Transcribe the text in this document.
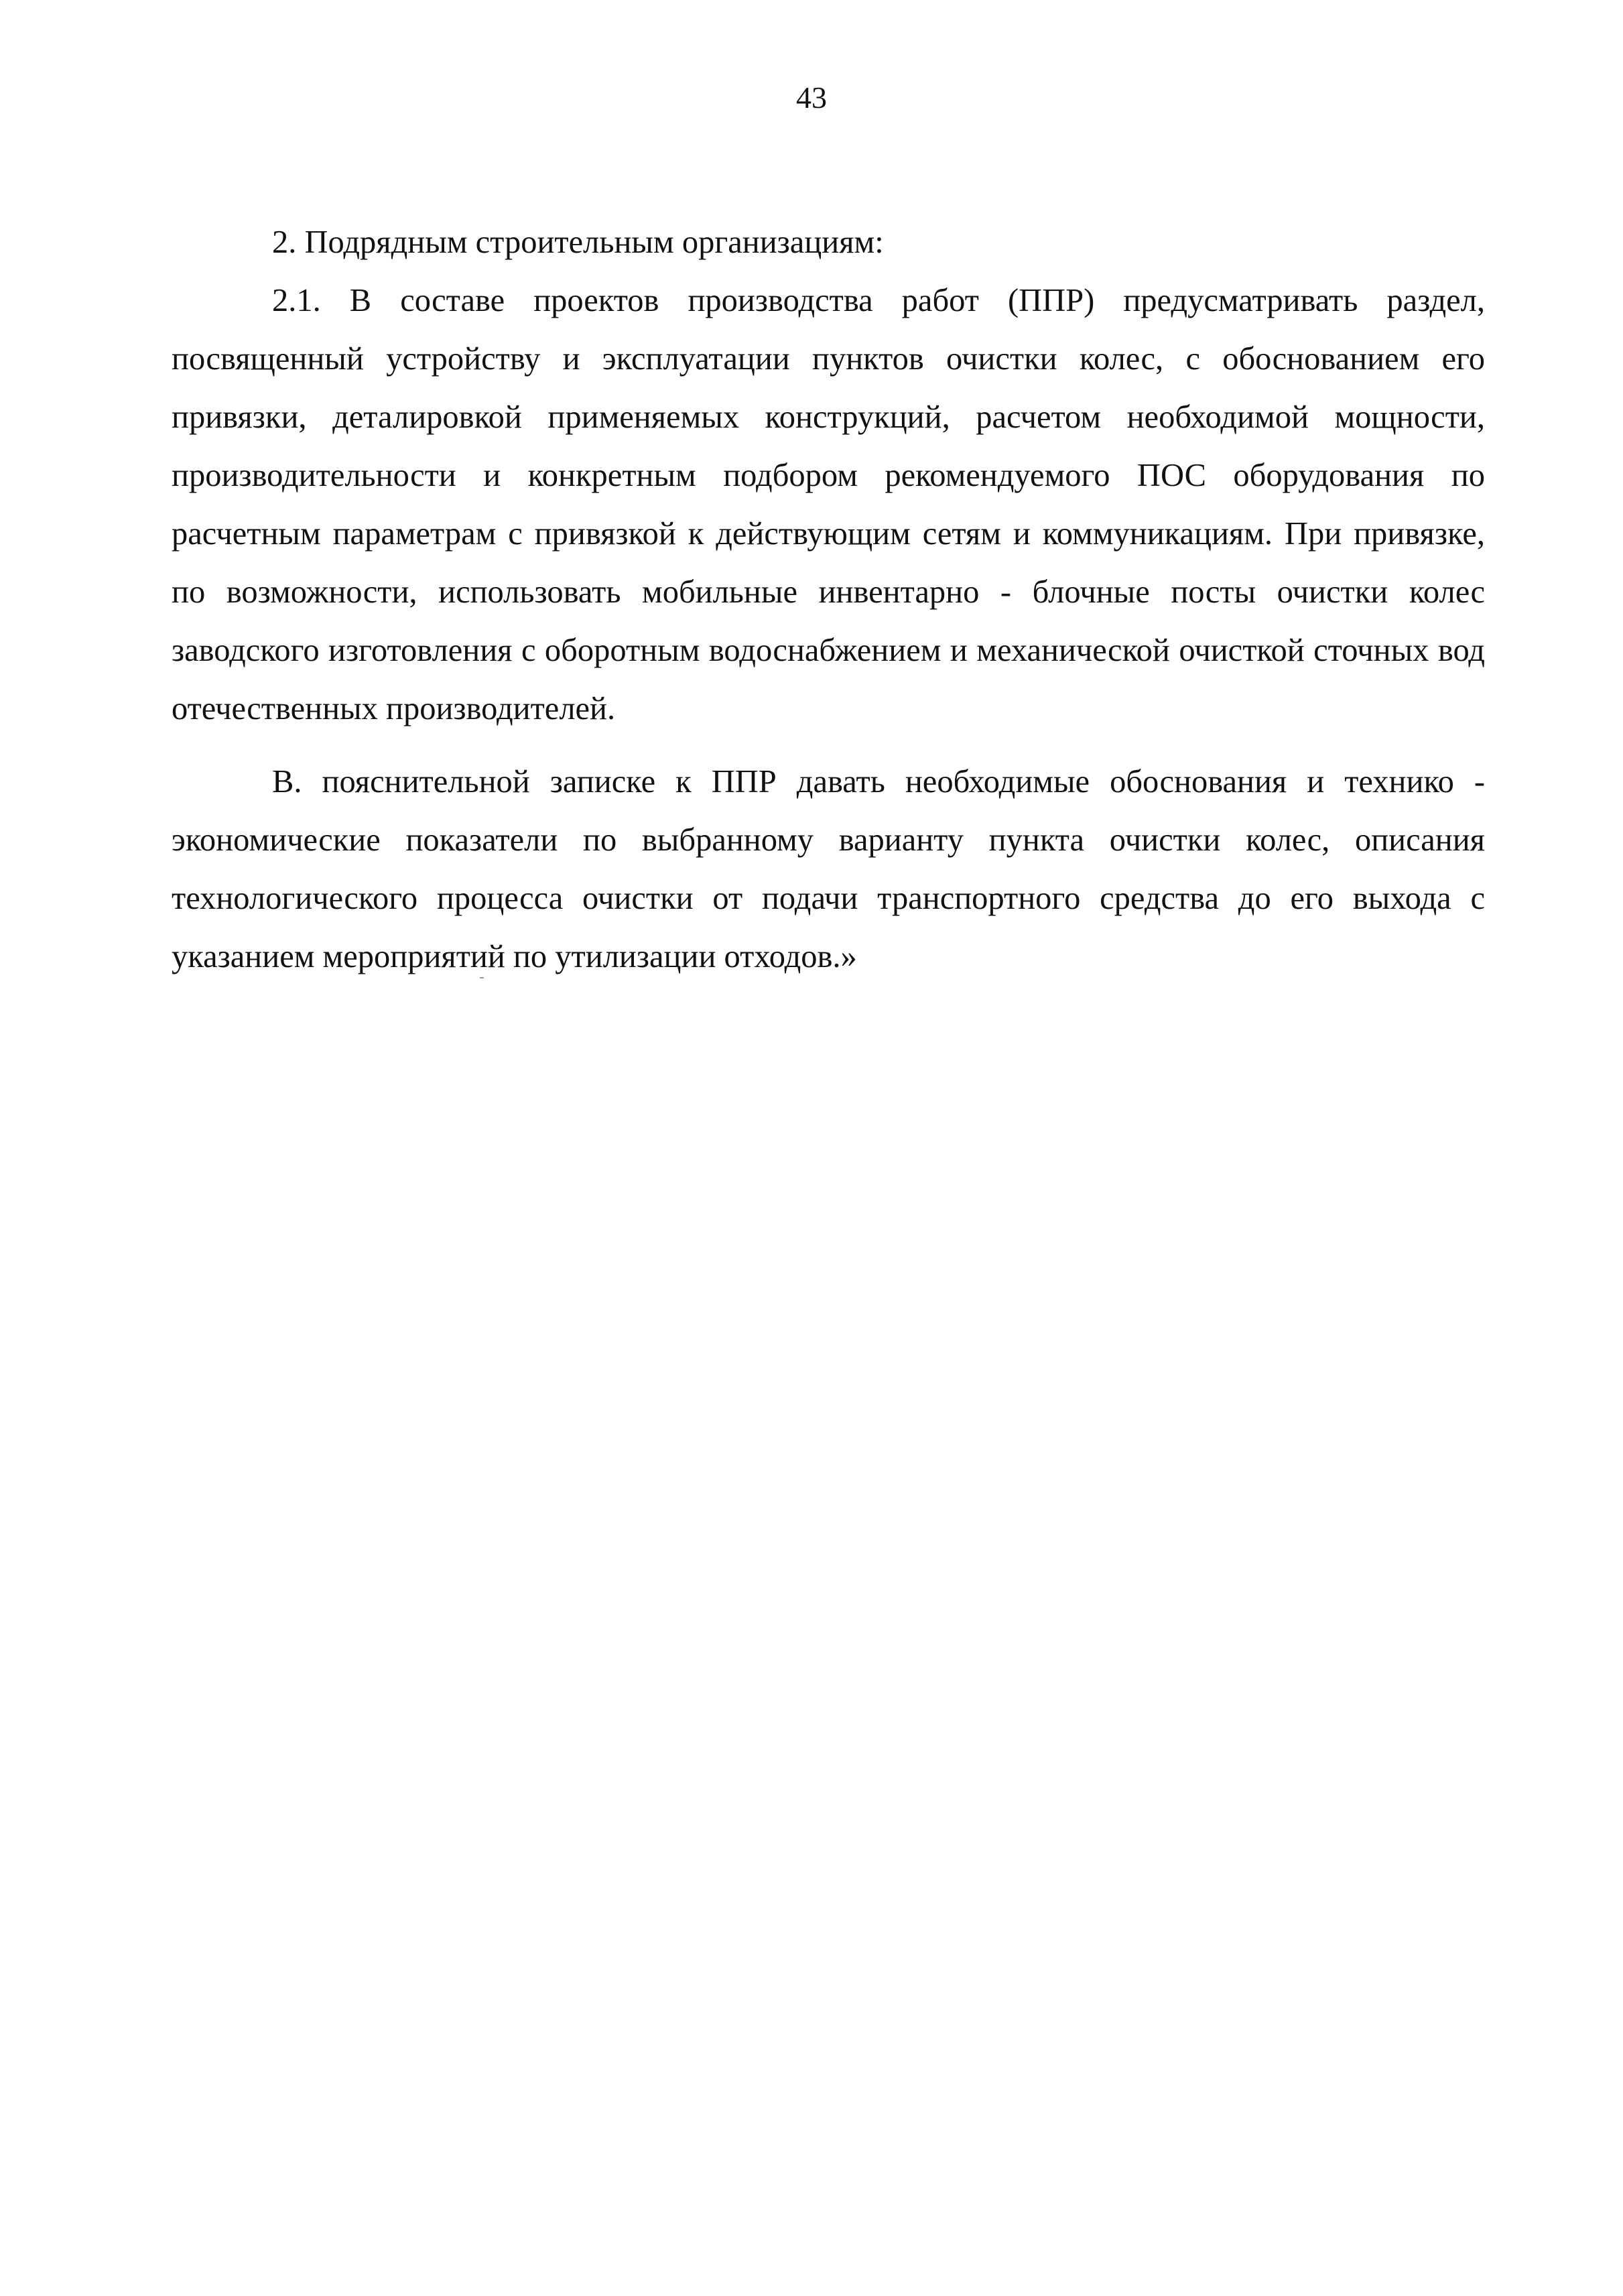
43

2. Подрядным строительным организациям:

2.1. В составе проектов производства работ (ППР) предусматривать раздел, посвященный устройству и эксплуатации пунктов очистки колес, с обоснованием его привязки, деталировкой применяемых конструкций, расчетом необходимой мощности, производительности и конкретным подбором рекомендуемого ПОС оборудования по расчетным параметрам с привязкой к действующим сетям и коммуникациям. При привязке, по возможности, использовать мобильные инвентарно - блочные посты очистки колес заводского изготовления с оборотным водоснабжением и механической очисткой сточных вод отечественных производителей.

В. пояснительной записке к ППР давать необходимые обоснования и технико - экономические показатели по выбранному варианту пункта очистки колес, описания технологического процесса очистки от подачи транспортного средства до его выхода с указанием мероприятий по утилизации отходов.»
